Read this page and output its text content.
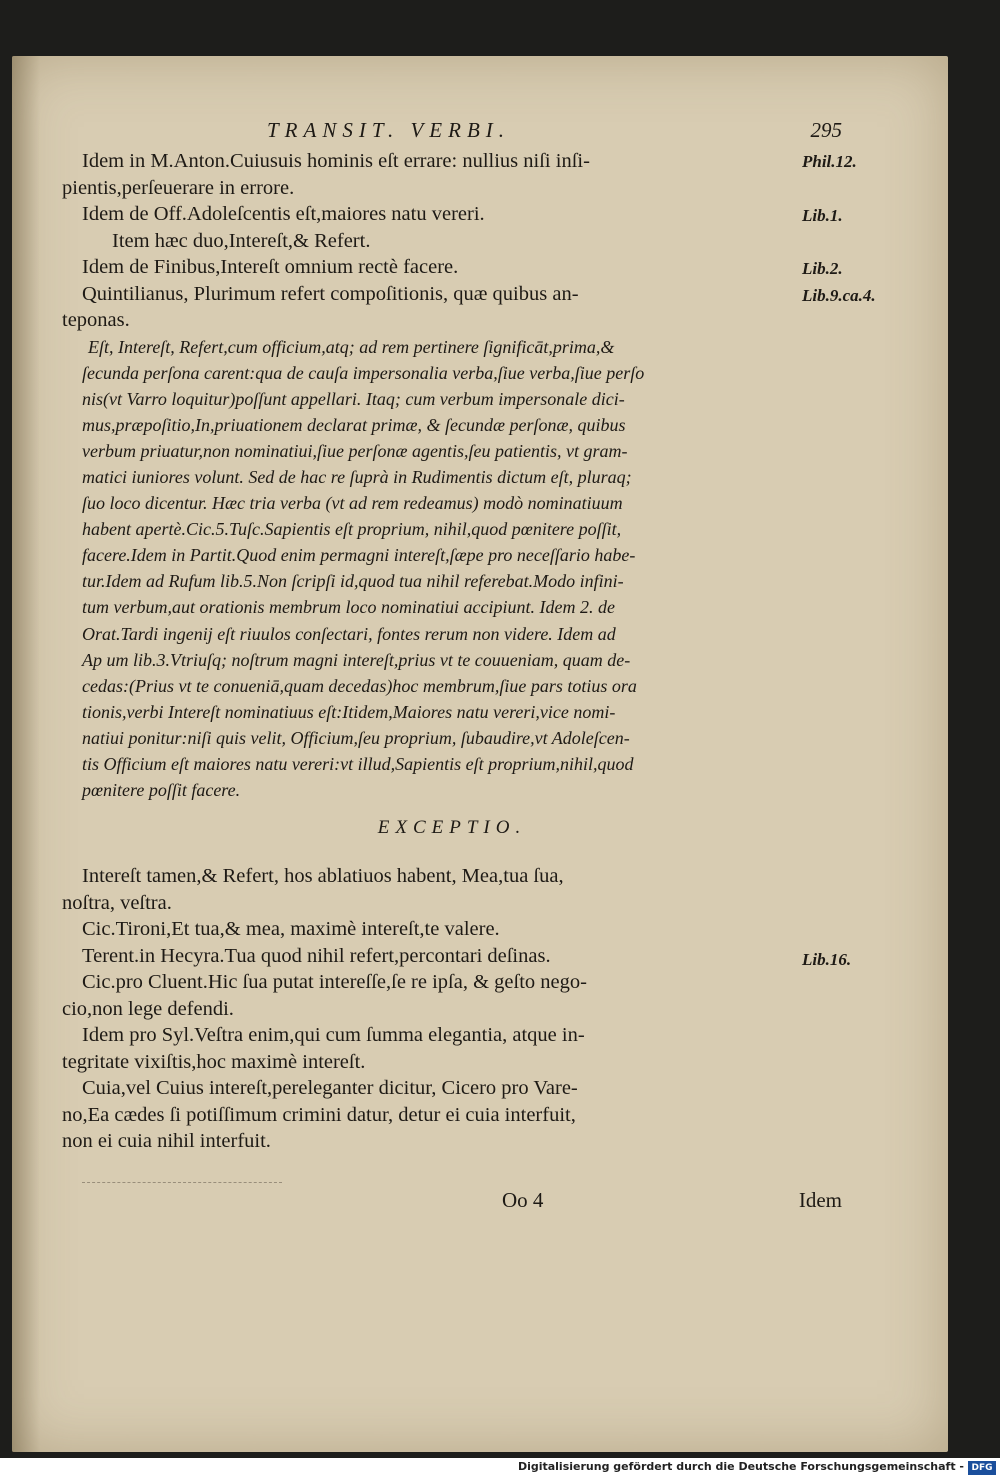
TRANSIT. VERBI.	295

Idem in M.Anton.Cuiusuis hominis eſt errare: nullius niſi inſi-
pientis,perſeuerare in errore.
Idem de Off.Adoleſcentis eſt,maiores natu vereri.
Item hæc duo,Intereſt,& Refert.
Idem de Finibus,Intereſt omnium rectè facere.
Quintilianus, Plurimum refert compoſitionis, quæ quibus an-
teponas.

Eſt, Intereſt, Refert,cum officium,atq; ad rem pertinere ſignificāt,prima,&
ſecunda perſona carent:qua de cauſa impersonalia verba,ſiue verba,ſiue perſo
nis(vt Varro loquitur)poſſunt appellari. Itaq; cum verbum impersonale dici-
mus,præpoſitio,In,priuationem declarat primæ, & ſecundæ perſonæ, quibus
verbum priuatur,non nominatiui,ſiue perſonæ agentis,ſeu patientis, vt gram-
matici iuniores volunt. Sed de hac re ſuprà in Rudimentis dictum eſt, pluraq;
ſuo loco dicentur. Hæc tria verba (vt ad rem redeamus) modò nominatiuum
habent apertè.Cic.5.Tuſc.Sapientis eſt proprium, nihil,quod pœnitere poſſit,
facere.Idem in Partit.Quod enim permagni intereſt,ſæpe pro neceſſario habe-
tur.Idem ad Rufum lib.5.Non ſcripſi id,quod tua nihil referebat.Modo infini-
tum verbum,aut orationis membrum loco nominatiui accipiunt. Idem 2. de
Orat.Tardi ingenij eſt riuulos conſectari, fontes rerum non videre. Idem ad
Ap um lib.3.Vtriuſq; noſtrum magni intereſt,prius vt te couueniam, quam de-
cedas:(Prius vt te conueniā,quam decedas)hoc membrum,ſiue pars totius ora
tionis,verbi Intereſt nominatiuus eſt:Itidem,Maiores natu vereri,vice nomi-
natiui ponitur:niſi quis velit, Officium,ſeu proprium, ſubaudire,vt Adoleſcen-
tis Officium eſt maiores natu vereri:vt illud,Sapientis eſt proprium,nihil,quod
pœnitere poſſit facere.

EXCEPTIO.

Intereſt tamen,& Refert, hos ablatiuos habent, Mea,tua ſua,
noſtra, veſtra.
Cic.Tironi,Et tua,& mea, maximè intereſt,te valere.
Terent.in Hecyra.Tua quod nihil refert,percontari deſinas.
Cic.pro Cluent.Hic ſua putat intereſſe,ſe re ipſa, & geſto nego-
cio,non lege defendi.
Idem pro Syl.Veſtra enim,qui cum ſumma elegantia, atque in-
tegritate vixiſtis,hoc maximè intereſt.
Cuia,vel Cuius intereſt,pereleganter dicitur, Cicero pro Vare-
no,Ea cædes ſi potiſſimum crimini datur, detur ei cuia interfuit,
non ei cuia nihil interfuit.

Phil.12.
Lib.1.
Lib.2.
Lib.9.ca.4.
Lib.16.
Oo 4	Idem
Digitalisierung gefördert durch die Deutsche Forschungsgemeinschaft - DFG
